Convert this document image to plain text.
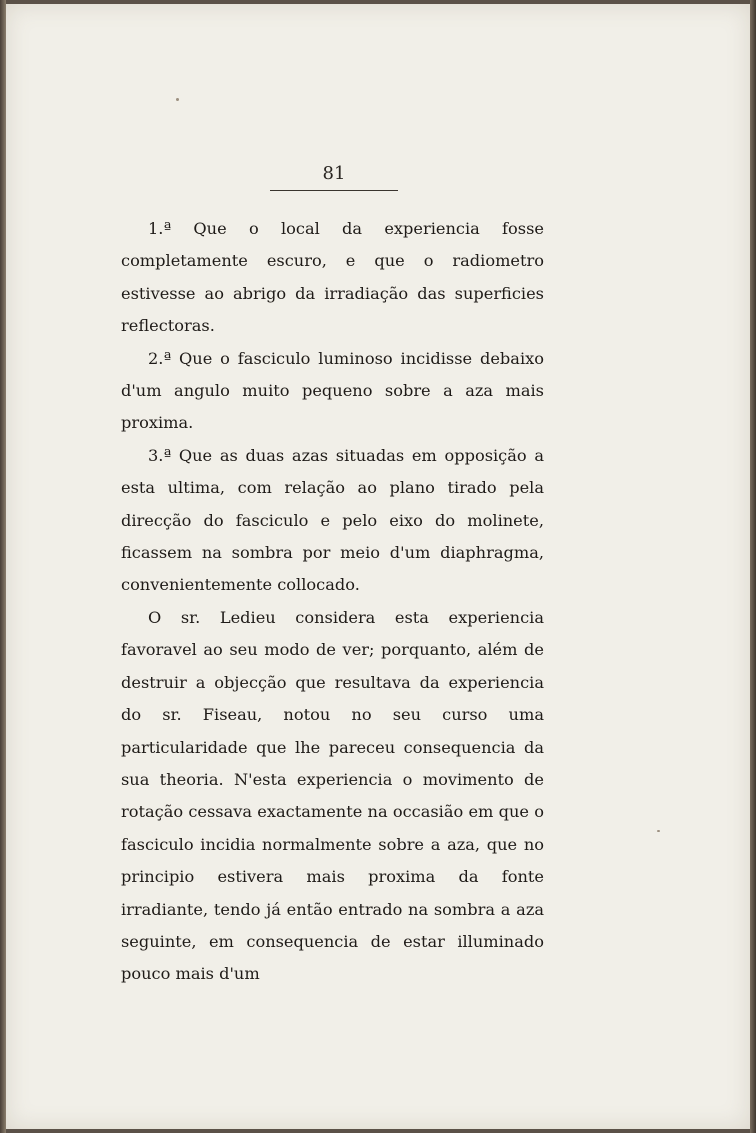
81

1.ª Que o local da experiencia fosse completamente escuro, e que o radiometro estivesse ao abrigo da irradiação das superficies reflectoras.

2.ª Que o fasciculo luminoso incidisse debaixo d'um angulo muito pequeno sobre a aza mais proxima.

3.ª Que as duas azas situadas em opposição a esta ultima, com relação ao plano tirado pela direcção do fasciculo e pelo eixo do molinete, ficassem na sombra por meio d'um diaphragma, convenientemente collocado.

O sr. Ledieu considera esta experiencia favoravel ao seu modo de ver; porquanto, além de destruir a objecção que resultava da experiencia do sr. Fiseau, notou no seu curso uma particularidade que lhe pareceu consequencia da sua theoria. N'esta experiencia o movimento de rotação cessava exactamente na occasião em que o fasciculo incidia normalmente sobre a aza, que no principio estivera mais proxima da fonte irradiante, tendo já então entrado na sombra a aza seguinte, em consequencia de estar illuminado pouco mais d'um
